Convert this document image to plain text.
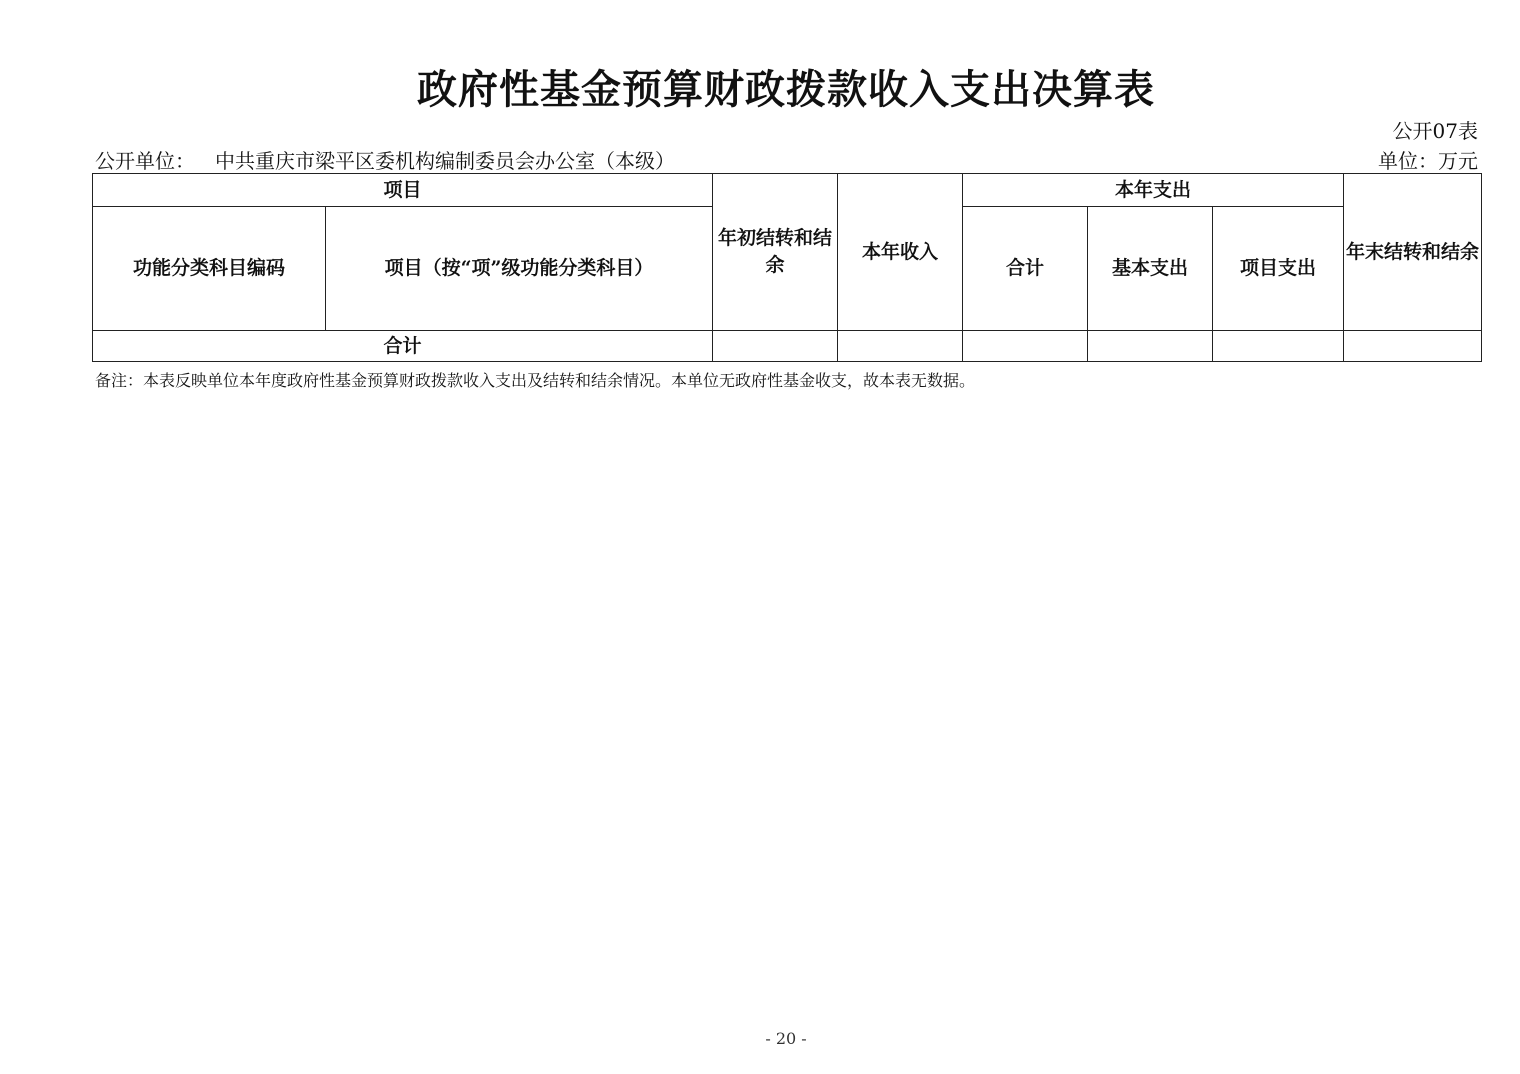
政府性基金预算财政拨款收入支出决算表
公开07表
公开单位： 中共重庆市梁平区委机构编制委员会办公室（本级）	单位：万元
项目		年初结转和结余	本年收入	本年支出			年末结转和结余
功能分类科目编码	项目（按“项”级功能分类科目）			合计	基本支出	项目支出	
合计							
备注：本表反映单位本年度政府性基金预算财政拨款收入支出及结转和结余情况。本单位无政府性基金收支，故本表无数据。
- 20 -
